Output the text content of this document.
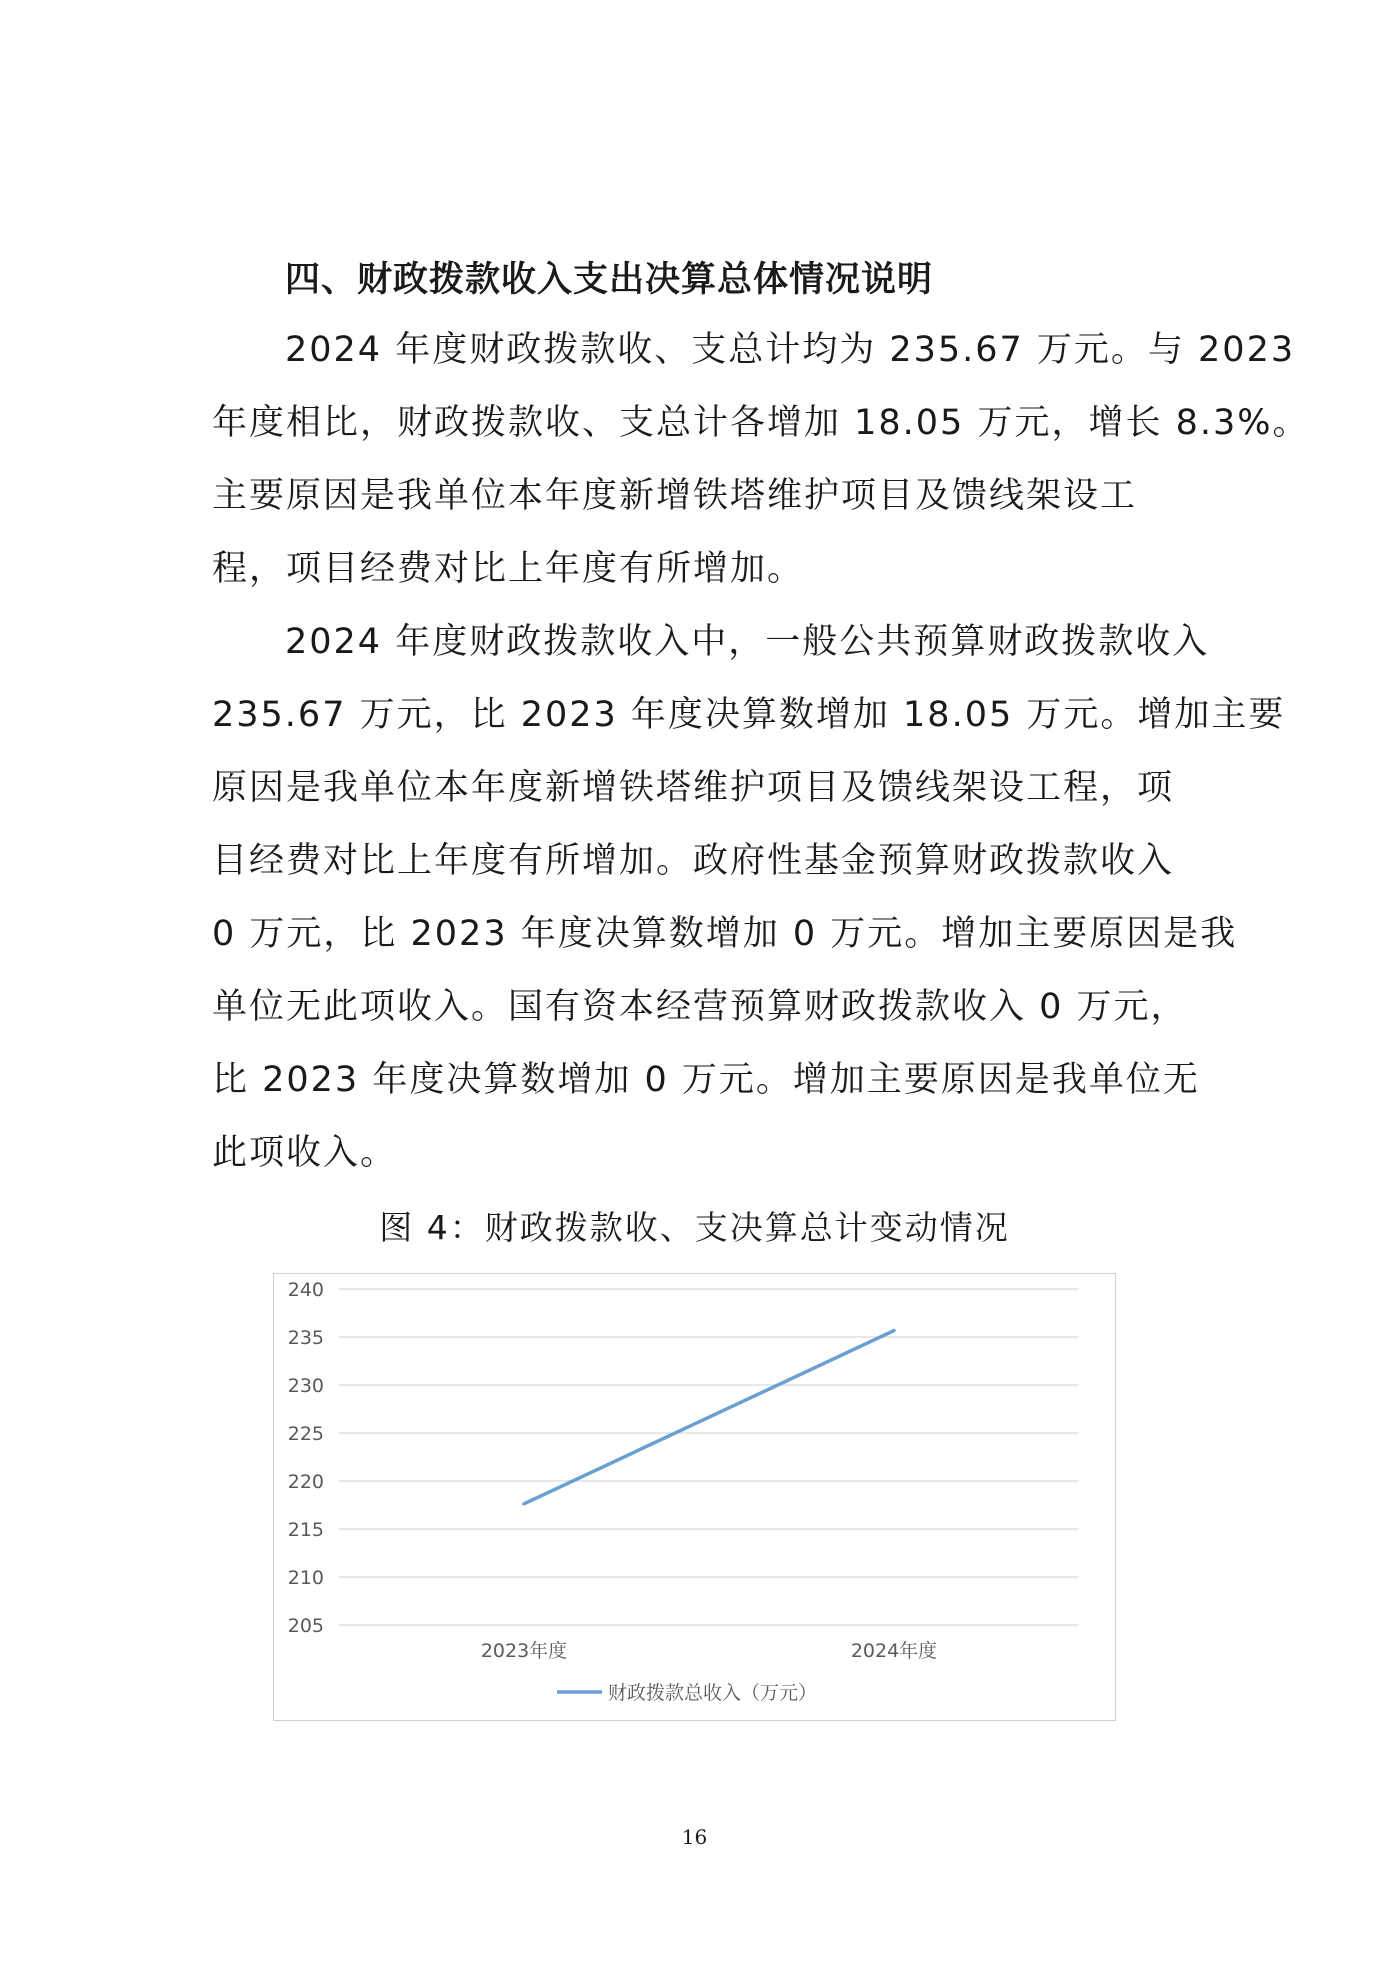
四、财政拨款收入支出决算总体情况说明
2024 年度财政拨款收、支总计均为 235.67 万元。与 2023
年度相比，财政拨款收、支总计各增加 18.05 万元，增长 8.3%。
主要原因是我单位本年度新增铁塔维护项目及馈线架设工
程，项目经费对比上年度有所增加。
2024 年度财政拨款收入中，一般公共预算财政拨款收入
235.67 万元，比 2023 年度决算数增加 18.05 万元。增加主要
原因是我单位本年度新增铁塔维护项目及馈线架设工程，项
目经费对比上年度有所增加。政府性基金预算财政拨款收入
0 万元，比 2023 年度决算数增加 0 万元。增加主要原因是我
单位无此项收入。国有资本经营预算财政拨款收入 0 万元，
比 2023 年度决算数增加 0 万元。增加主要原因是我单位无
此项收入。
图 4：财政拨款收、支决算总计变动情况
205
210
215
220
225
230
235
240
2023年度	2024年度
财政拨款总收入（万元）
16
